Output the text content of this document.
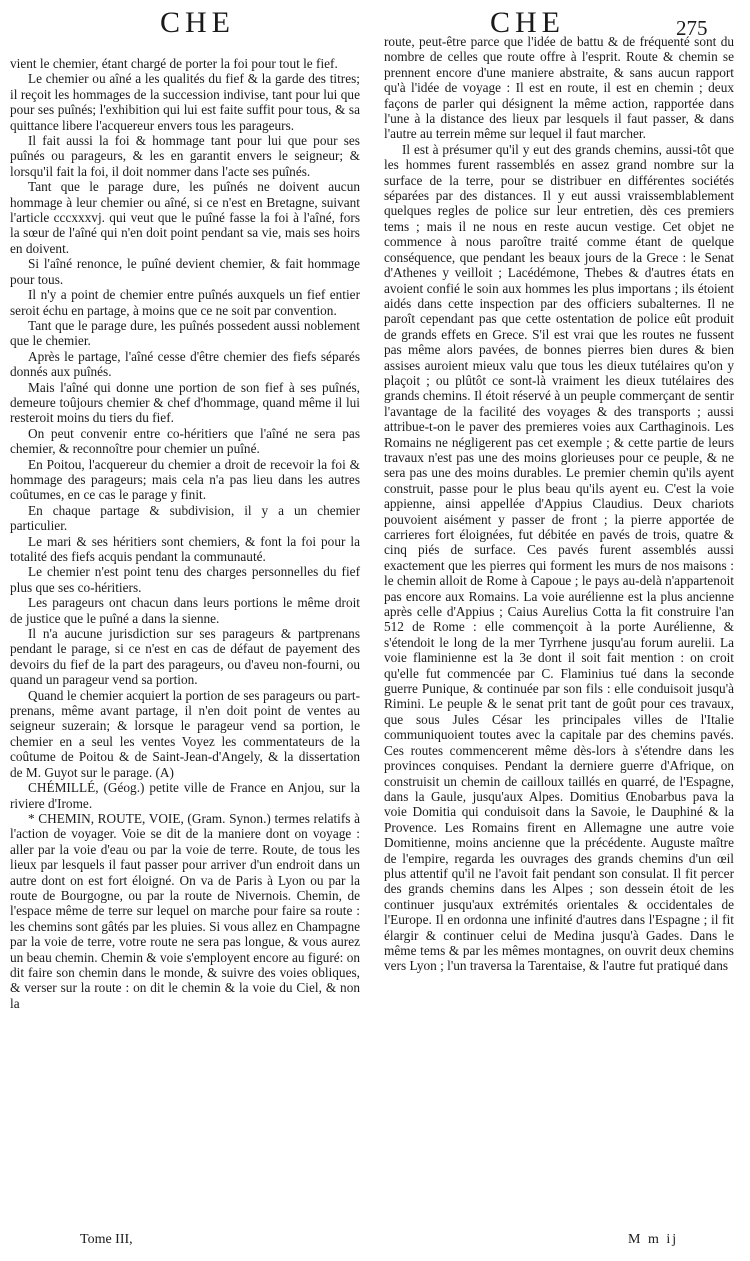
CHE	CHE	275

vient le chemier, étant chargé de porter la foi pour tout le fief.

Le chemier ou aîné a les qualités du fief & la garde des titres; il reçoit les hommages de la succession indivise, tant pour lui que pour ses puînés; l'exhibition qui lui est faite suffit pour tous, & sa quittance libere l'acquereur envers tous les parageurs.

Il fait aussi la foi & hommage tant pour lui que pour ses puînés ou parageurs, & les en garantit envers le seigneur; & lorsqu'il fait la foi, il doit nommer dans l'acte ses puînés.

Tant que le parage dure, les puînés ne doivent aucun hommage à leur chemier ou aîné, si ce n'est en Bretagne, suivant l'article cccxxxvj. qui veut que le puîné fasse la foi à l'aîné, fors la sœur de l'aîné qui n'en doit point pendant sa vie, mais ses hoirs en doivent.

Si l'aîné renonce, le puîné devient chemier, & fait hommage pour tous.

Il n'y a point de chemier entre puînés auxquels un fief entier seroit échu en partage, à moins que ce ne soit par convention.

Tant que le parage dure, les puînés possedent aussi noblement que le chemier.

Après le partage, l'aîné cesse d'être chemier des fiefs séparés donnés aux puînés.

Mais l'aîné qui donne une portion de son fief à ses puînés, demeure toûjours chemier & chef d'hommage, quand même il lui resteroit moins du tiers du fief.

On peut convenir entre co-héritiers que l'aîné ne sera pas chemier, & reconnoître pour chemier un puîné.

En Poitou, l'acquereur du chemier a droit de recevoir la foi & hommage des parageurs; mais cela n'a pas lieu dans les autres coûtumes, en ce cas le parage y finit.

En chaque partage & subdivision, il y a un chemier particulier.

Le mari & ses héritiers sont chemiers, & font la foi pour la totalité des fiefs acquis pendant la communauté.

Le chemier n'est point tenu des charges personnelles du fief plus que ses co-héritiers.

Les parageurs ont chacun dans leurs portions le même droit de justice que le puîné a dans la sienne.

Il n'a aucune jurisdiction sur ses parageurs & partprenans pendant le parage, si ce n'est en cas de défaut de payement des devoirs du fief de la part des parageurs, ou d'aveu non-fourni, ou quand un parageur vend sa portion.

Quand le chemier acquiert la portion de ses parageurs ou part-prenans, même avant partage, il n'en doit point de ventes au seigneur suzerain; & lorsque le parageur vend sa portion, le chemier en a seul les ventes Voyez les commentateurs de la coûtume de Poitou & de Saint-Jean-d'Angely, & la dissertation de M. Guyot sur le parage. (A)

CHÉMILLÉ, (Géog.) petite ville de France en Anjou, sur la riviere d'Irome.

* CHEMIN, ROUTE, VOIE, (Gram. Synon.) termes relatifs à l'action de voyager. Voie se dit de la maniere dont on voyage : aller par la voie d'eau ou par la voie de terre. Route, de tous les lieux par lesquels il faut passer pour arriver d'un endroit dans un autre dont on est fort éloigné. On va de Paris à Lyon ou par la route de Bourgogne, ou par la route de Nivernois. Chemin, de l'espace même de terre sur lequel on marche pour faire sa route : les chemins sont gâtés par les pluies. Si vous allez en Champagne par la voie de terre, votre route ne sera pas longue, & vous aurez un beau chemin. Chemin & voie s'employent encore au figuré: on dit faire son chemin dans le monde, & suivre des voies obliques, & verser sur la route : on dit le chemin & la voie du Ciel, & non la

route, peut-être parce que l'idée de battu & de fréquenté sont du nombre de celles que route offre à l'esprit. Route & chemin se prennent encore d'une maniere abstraite, & sans aucun rapport qu'à l'idée de voyage : Il est en route, il est en chemin ; deux façons de parler qui désignent la même action, rapportée dans l'une à la distance des lieux par lesquels il faut passer, & dans l'autre au terrein même sur lequel il faut marcher.

Il est à présumer qu'il y eut des grands chemins, aussi-tôt que les hommes furent rassemblés en assez grand nombre sur la surface de la terre, pour se distribuer en différentes sociétés séparées par des distances. Il y eut aussi vraissemblablement quelques regles de police sur leur entretien, dès ces premiers tems ; mais il ne nous en reste aucun vestige. Cet objet ne commence à nous paroître traité comme étant de quelque conséquence, que pendant les beaux jours de la Grece : le Senat d'Athenes y veilloit ; Lacédémone, Thebes & d'autres états en avoient confié le soin aux hommes les plus importans ; ils étoient aidés dans cette inspection par des officiers subalternes. Il ne paroît cependant pas que cette ostentation de police eût produit de grands effets en Grece. S'il est vrai que les routes ne fussent pas même alors pavées, de bonnes pierres bien dures & bien assises auroient mieux valu que tous les dieux tutélaires qu'on y plaçoit ; ou plûtôt ce sont-là vraiment les dieux tutélaires des grands chemins. Il étoit réservé à un peuple commerçant de sentir l'avantage de la facilité des voyages & des transports ; aussi attribue-t-on le paver des premieres voies aux Carthaginois. Les Romains ne négligerent pas cet exemple ; & cette partie de leurs travaux n'est pas une des moins glorieuses pour ce peuple, & ne sera pas une des moins durables. Le premier chemin qu'ils ayent construit, passe pour le plus beau qu'ils ayent eu. C'est la voie appienne, ainsi appellée d'Appius Claudius. Deux chariots pouvoient aisément y passer de front ; la pierre apportée de carrieres fort éloignées, fut débitée en pavés de trois, quatre & cinq piés de surface. Ces pavés furent assemblés aussi exactement que les pierres qui forment les murs de nos maisons : le chemin alloit de Rome à Capoue ; le pays au-delà n'appartenoit pas encore aux Romains. La voie aurélienne est la plus ancienne après celle d'Appius ; Caius Aurelius Cotta la fit construire l'an 512 de Rome : elle commençoit à la porte Aurélienne, & s'étendoit le long de la mer Tyrrhene jusqu'au forum aurelii. La voie flaminienne est la 3e dont il soit fait mention : on croit qu'elle fut commencée par C. Flaminius tué dans la seconde guerre Punique, & continuée par son fils : elle conduisoit jusqu'à Rimini. Le peuple & le senat prit tant de goût pour ces travaux, que sous Jules César les principales villes de l'Italie communiquoient toutes avec la capitale par des chemins pavés. Ces routes commencerent même dès-lors à s'étendre dans les provinces conquises. Pendant la derniere guerre d'Afrique, on construisit un chemin de cailloux taillés en quarré, de l'Espagne, dans la Gaule, jusqu'aux Alpes. Domitius Œnobarbus pava la voie Domitia qui conduisoit dans la Savoie, le Dauphiné & la Provence. Les Romains firent en Allemagne une autre voie Domitienne, moins ancienne que la précédente. Auguste maître de l'empire, regarda les ouvrages des grands chemins d'un œil plus attentif qu'il ne l'avoit fait pendant son consulat. Il fit percer des grands chemins dans les Alpes ; son dessein étoit de les continuer jusqu'aux extrémités orientales & occidentales de l'Europe. Il en ordonna une infinité d'autres dans l'Espagne ; il fit élargir & continuer celui de Medina jusqu'à Gades. Dans le même tems & par les mêmes montagnes, on ouvrit deux chemins vers Lyon ; l'un traversa la Tarentaise, & l'autre fut pratiqué dans

Tome III,	M m ij
